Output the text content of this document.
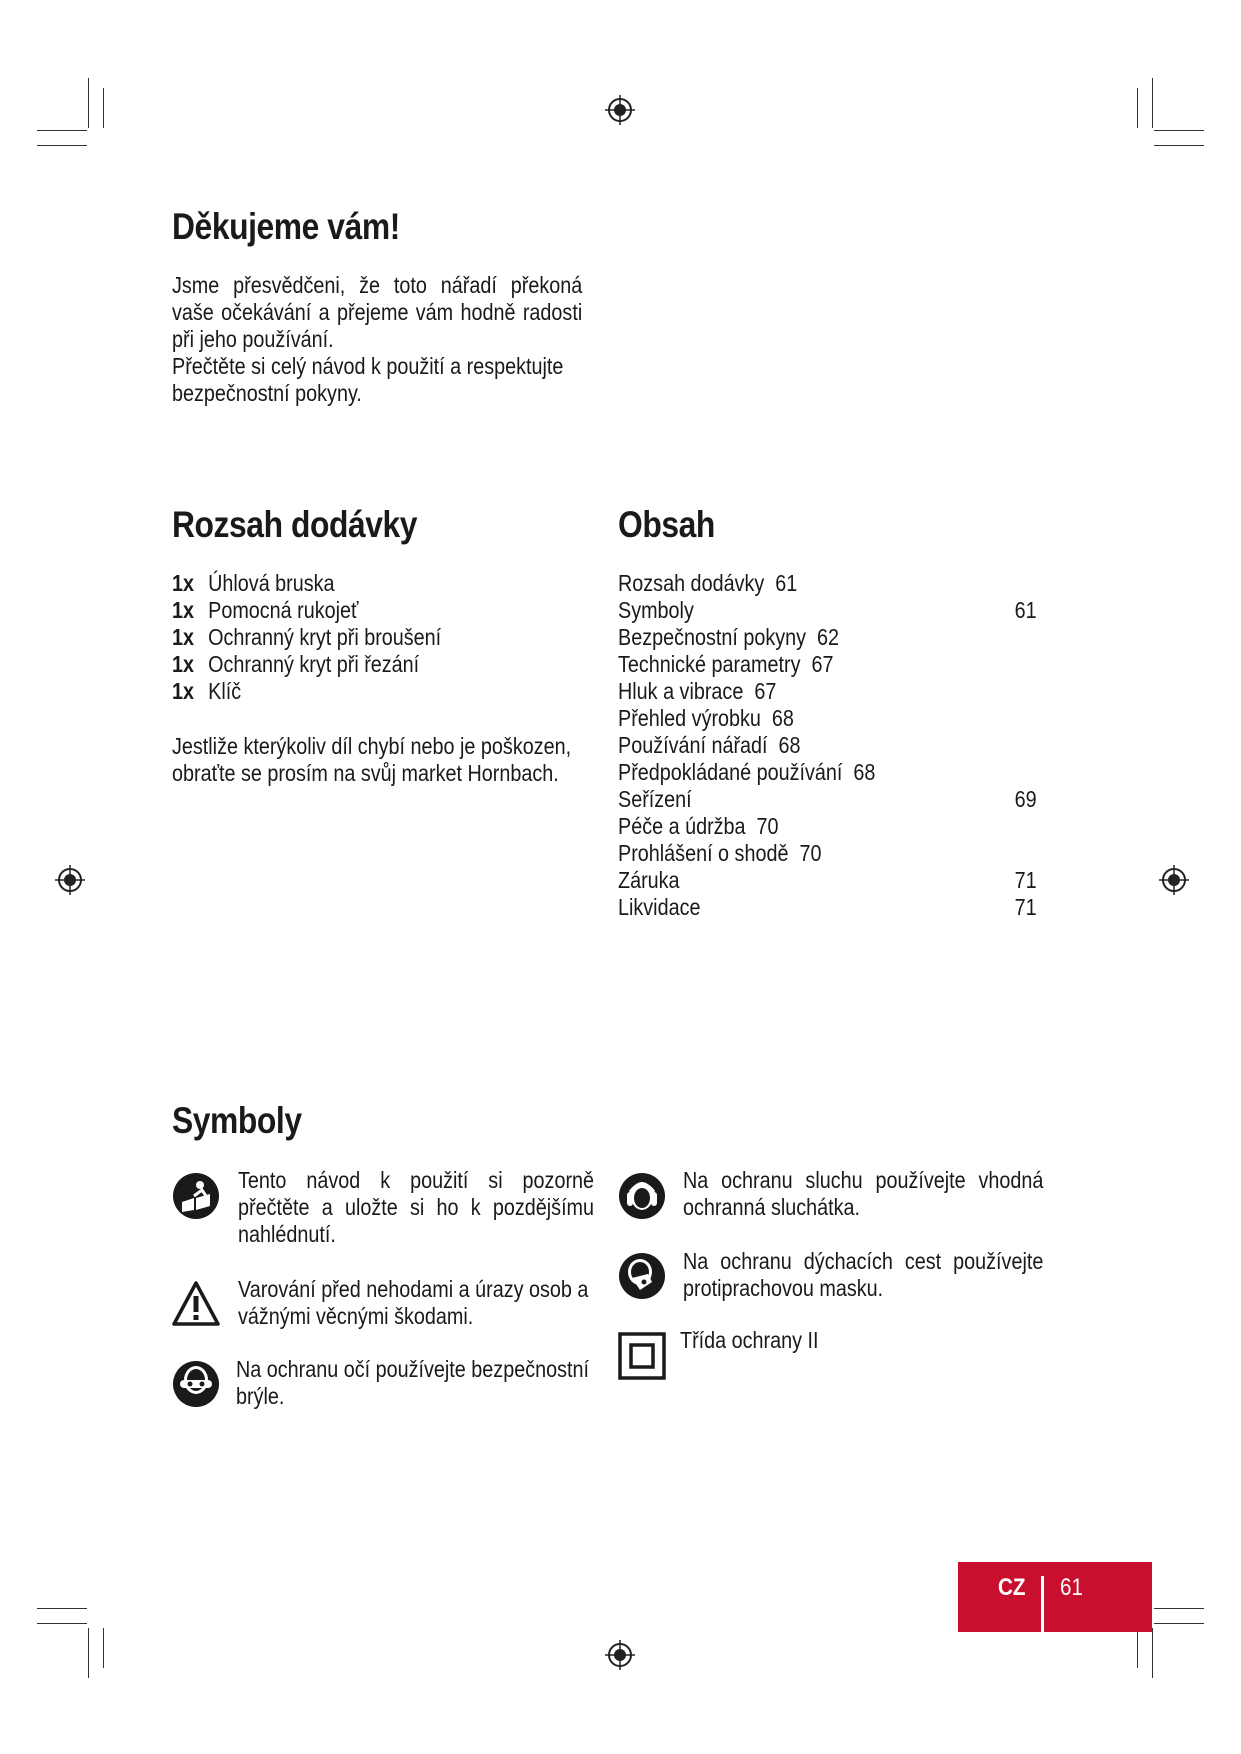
Děkujeme vám!
Jsme přesvědčeni, že toto nářadí překoná vaše očekávání a přejeme vám hodně radosti při jeho používání.
Přečtěte si celý návod k použití a respektujte bezpečnostní pokyny.
Rozsah dodávky
1x Úhlová bruska
1x Pomocná rukojeť
1x Ochranný kryt při broušení
1x Ochranný kryt při řezání
1x Klíč
Jestliže kterýkoliv díl chybí nebo je poškozen, obraťte se prosím na svůj market Hornbach.
Obsah
Rozsah dodávky 61
Symboly	61
Bezpečnostní pokyny 62
Technické parametry 67
Hluk a vibrace 67
Přehled výrobku 68
Používání nářadí 68
Předpokládané používání 68
Seřízení	69
Péče a údržba 70
Prohlášení o shodě 70
Záruka	71
Likvidace	71
Symboly
Tento návod k použití si pozorně přečtěte a uložte si ho k pozdějšímu nahlédnutí.
Varování před nehodami a úrazy osob a vážnými věcnými škodami.
Na ochranu očí používejte bezpečnostní brýle.
Na ochranu sluchu používejte vhodná ochranná sluchátka.
Na ochranu dýchacích cest používejte protiprachovou masku.
Třída ochrany II
CZ 61
